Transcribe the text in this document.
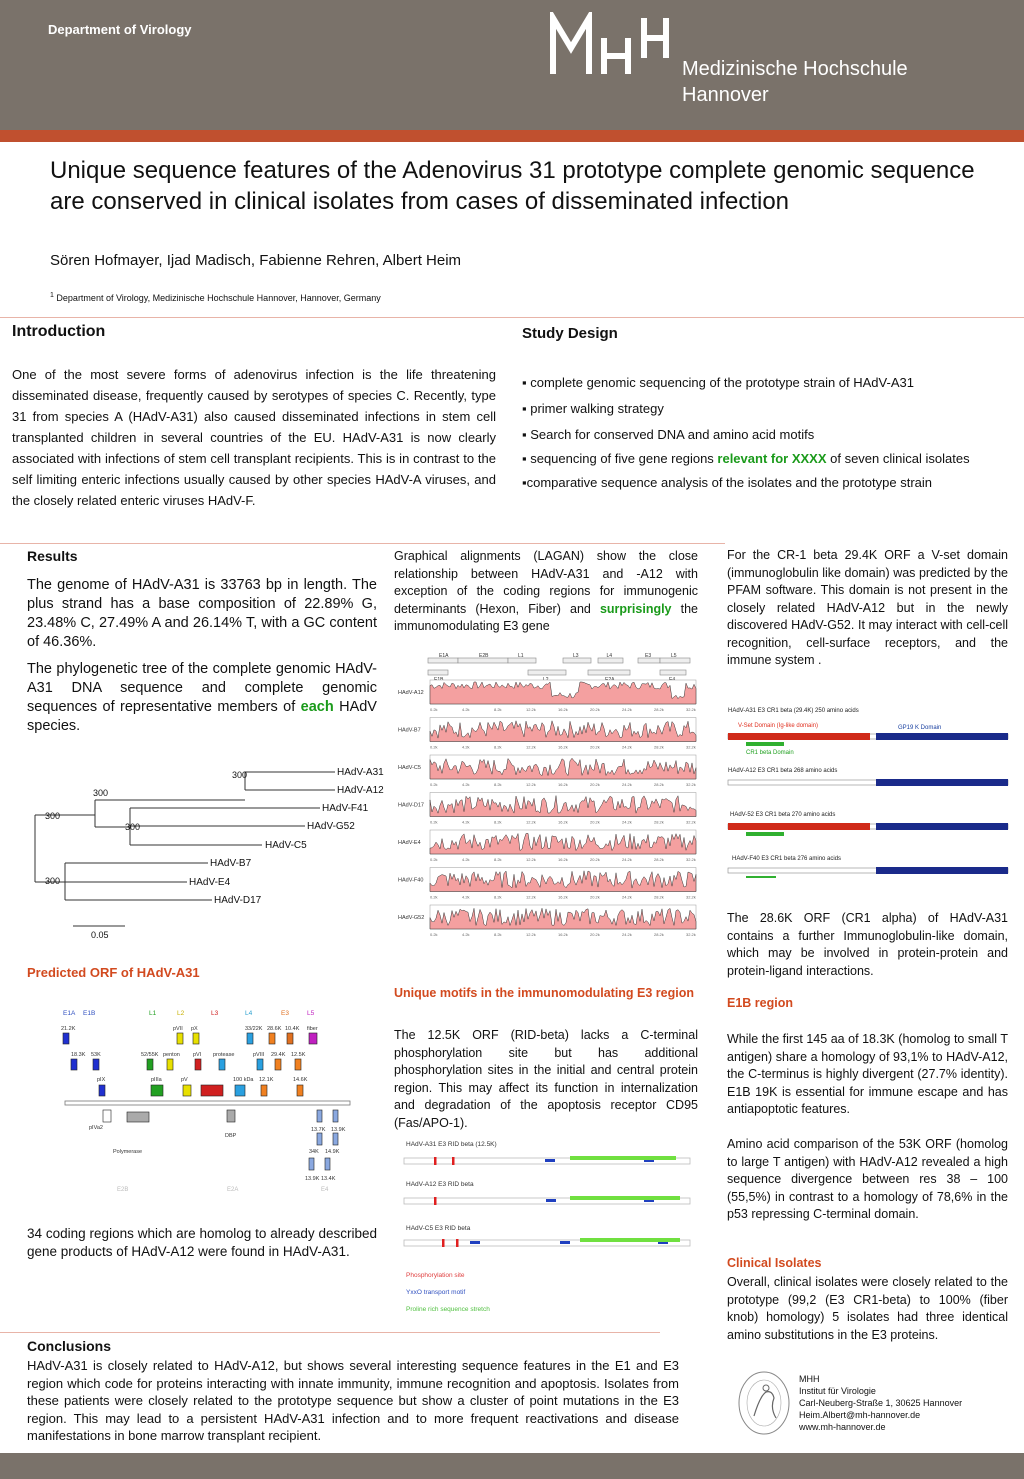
Department of Virology
Medizinische Hochschule
Hannover
Unique sequence features of the Adenovirus 31 prototype complete genomic sequence are conserved in clinical isolates from cases of disseminated infection
Sören Hofmayer, Ijad Madisch, Fabienne Rehren, Albert Heim
$^1$ Department of Virology, Medizinische Hochschule Hannover, Hannover, Germany
Introduction
One of the most severe forms of adenovirus infection is the life threatening disseminated disease, frequently caused by serotypes of species C. Recently, type 31 from species A (HAdV-A31) also caused disseminated infections in stem cell transplanted children in several countries of the EU. HAdV-A31 is now clearly associated with infections of stem cell transplant recipients. This is in contrast to the self limiting enteric infections usually caused by other species HAdV-A viruses, and the closely related enteric viruses HAdV-F.
Study Design
▪ complete genomic sequencing of the prototype strain of HAdV-A31
▪ primer walking strategy
▪ Search for conserved DNA and amino acid motifs
▪ sequencing of five gene regions relevant for XXXX of seven clinical isolates
▪comparative sequence analysis of the isolates and the prototype strain
Results
The genome of HAdV-A31 is 33763 bp in length. The plus strand has a base composition of 22.89% G, 23.48% C, 27.49% A and 26.14% T, with a GC content of 46.36%.
The phylogenetic tree of the complete genomic HAdV-A31 DNA sequence and complete genomic sequences of representative members of each HAdV species.
HAdV-A31
HAdV-A12
HAdV-F41
HAdV-G52
HAdV-C5
HAdV-B7
HAdV-E4
HAdV-D17
300
300
300
300
300
0.05
Predicted ORF of HAdV-A31
E1A E1B	L1	L2	L3	L4	E3	L5
21.2K	pVII pX	33/22K 28.6K 10.4K fiber
18.3K 53K	52/55K penton pVI protease	pVIII 29.4K 12.5K
pIX	pIIIa	pV	100 kDa 12.1K	14.6K
pIVa2
DBP
13.7K 13.9K
Polymerase	34K 14.9K
13.9K 13.4K
E2B	E2A	E4
34 coding regions which are homolog to already described gene products of HAdV-A12 were found in HAdV-A31.
Graphical alignments (LAGAN) show the close relationship between HAdV-A31 and -A12 with exception of the coding regions for immunogenic determinants (Hexon, Fiber) and surprisingly the immunomodulating E3 gene
E1A	E2B	L1	L3	L4	E3	L5
HAdV-A12
0.2k	4.2k	8.2k	12.2k	16.2k	20.2k	24.2k	28.2k	32.2k
HAdV-B7
0.2k	4.2k	8.2k	12.2k	16.2k	20.2k	24.2k	28.2k	32.2k
HAdV-C5
0.2k	4.2k	8.2k	12.2k	16.2k	20.2k	24.2k	28.2k	32.2k
HAdV-D17
0.2k	4.2k	8.2k	12.2k	16.2k	20.2k	24.2k	28.2k	32.2k
HAdV-E4
0.2k	4.2k	8.2k	12.2k	16.2k	20.2k	24.2k	28.2k	32.2k
HAdV-F40
0.2k	4.2k	8.2k	12.2k	16.2k	20.2k	24.2k	28.2k	32.2k
HAdV-G52
0.2k	4.2k	8.2k	12.2k	16.2k	20.2k	24.2k	28.2k	32.2k
Unique motifs in the immunomodulating E3 region
The 12.5K ORF (RID-beta) lacks a C-terminal phosphorylation site but has additional phosphorylation sites in the initial and central protein region. This may affect its function in internalization and degradation of the apoptosis receptor CD95 (Fas/APO-1).
HAdV-A31 E3 RID beta (12.5K)
HAdV-A12 E3 RID beta
HAdV-C5 E3 RID beta
Phosphorylation site
YxxO transport motif
Proline rich sequence stretch
For the CR-1 beta 29.4K ORF a V-set domain (immunoglobulin like domain) was predicted by the PFAM software. This domain is not present in the closely related HAdV-A12 but in the newly discovered HAdV-G52. It may interact with cell-cell recognition, cell-surface receptors, and the immune system .
HAdV-A31 E3 CR1 beta (29.4K) 250 amino acids
V-Set Domain (Ig-like domain)	GP19 K Domain
CR1 beta Domain
HAdV-A12 E3 CR1 beta 268 amino acids
HAdV-52 E3 CR1 beta 270 amino acids
HAdV-F40 E3 CR1 beta 276 amino acids
The 28.6K ORF (CR1 alpha) of HAdV-A31 contains a further Immunoglobulin-like domain, which may be involved in protein-protein and protein-ligand interactions.
E1B region
While the first 145 aa of 18.3K (homolog to small T antigen) share a homology of 93,1% to HAdV-A12, the C-terminus is highly divergent (27.7% identity). E1B 19K is essential for immune escape and has antiapoptotic features.
Amino acid comparison of the 53K ORF (homolog to large T antigen) with HAdV-A12 revealed a high sequence divergence between res 38 – 100 (55,5%) in contrast to a homology of 78,6% in the p53 repressing C-terminal domain.
Clinical Isolates
Overall, clinical isolates were closely related to the prototype (99,2 (E3 CR1-beta) to 100% (fiber knob) homology) 5 isolates had three identical amino substitutions in the E3 proteins.
Conclusions
HAdV-A31 is closely related to HAdV-A12, but shows several interesting sequence features in the E1 and E3 region which code for proteins interacting with innate immunity, immune recognition and apoptosis. Isolates from these patients were closely related to the prototype sequence but show a cluster of point mutations in the E3 region. This may lead to a persistent HAdV-A31 infection and to more frequent reactivations and disease manifestations in bone marrow transplant recipient.
MHH
Institut für Virologie
Carl-Neuberg-Straße 1, 30625 Hannover
Heim.Albert@mh-hannover.de
www.mh-hannover.de
